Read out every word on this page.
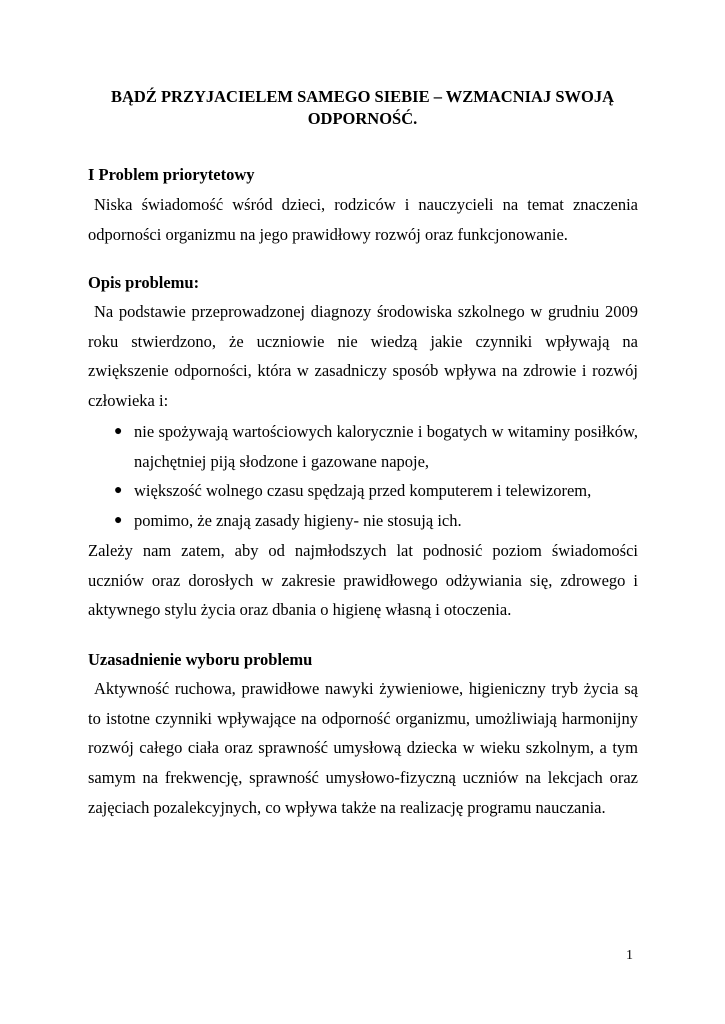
BĄDŹ PRZYJACIELEM SAMEGO SIEBIE – WZMACNIAJ SWOJĄ ODPORNOŚĆ.
I Problem priorytetowy

Niska świadomość wśród dzieci, rodziców i nauczycieli na temat znaczenia odporności organizmu na jego prawidłowy rozwój oraz funkcjonowanie.

Opis problemu:

Na podstawie przeprowadzonej diagnozy środowiska szkolnego w grudniu 2009 roku stwierdzono, że uczniowie nie wiedzą jakie czynniki wpływają na zwiększenie odporności, która w zasadniczy sposób wpływa na zdrowie i rozwój człowieka i:

● nie spożywają wartościowych kalorycznie i bogatych w witaminy posiłków, najchętniej piją słodzone i gazowane napoje,
● większość wolnego czasu spędzają przed komputerem i telewizorem,
● pomimo, że znają zasady higieny- nie stosują ich.

Zależy nam zatem, aby od najmłodszych lat podnosić poziom świadomości uczniów oraz dorosłych w zakresie prawidłowego odżywiania się, zdrowego i aktywnego stylu życia oraz dbania o higienę własną i otoczenia.

Uzasadnienie wyboru problemu

Aktywność ruchowa, prawidłowe nawyki żywieniowe, higieniczny tryb życia są to istotne czynniki wpływające na odporność organizmu, umożliwiają harmonijny rozwój całego ciała oraz sprawność umysłową dziecka w wieku szkolnym, a tym samym na frekwencję, sprawność umysłowo-fizyczną uczniów na lekcjach oraz zajęciach pozalekcyjnych, co wpływa także na realizację programu nauczania.

1
